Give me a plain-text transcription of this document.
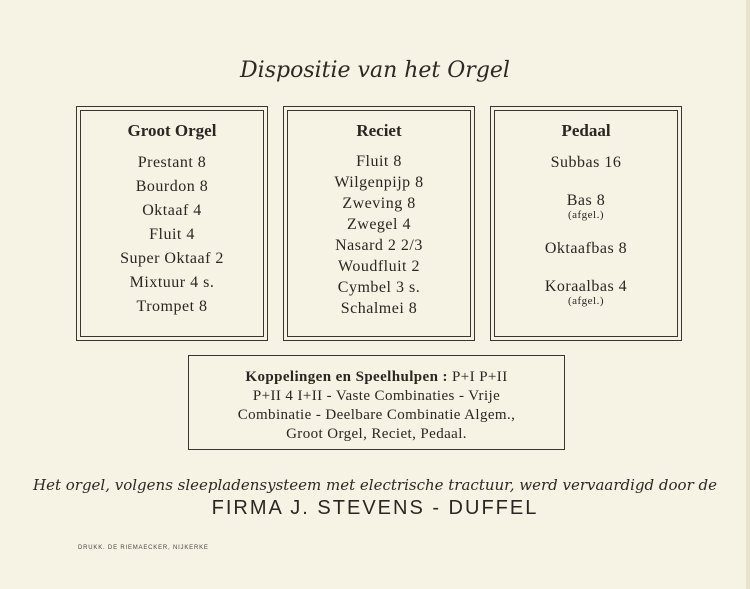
Dispositie van het Orgel
Groot Orgel
Prestant 8
Bourdon 8
Oktaaf 4
Fluit 4
Super Oktaaf 2
Mixtuur 4 s.
Trompet 8
Reciet
Fluit 8
Wilgenpijp 8
Zweving 8
Zwegel 4
Nasard 2 2/3
Woudfluit 2
Cymbel 3 s.
Schalmei 8
Pedaal
Subbas 16
Bas 8
(afgel.)
Oktaafbas 8
Koraalbas 4
(afgel.)
Koppelingen en Speelhulpen : P+I P+II
P+II 4 I+II - Vaste Combinaties - Vrije
Combinatie - Deelbare Combinatie Algem.,
Groot Orgel, Reciet, Pedaal.
Het orgel, volgens sleepladensysteem met electrische tractuur, werd vervaardigd door de
FIRMA J. STEVENS - DUFFEL
DRUKK. DE RIEMAECKER, NIJKERKE
